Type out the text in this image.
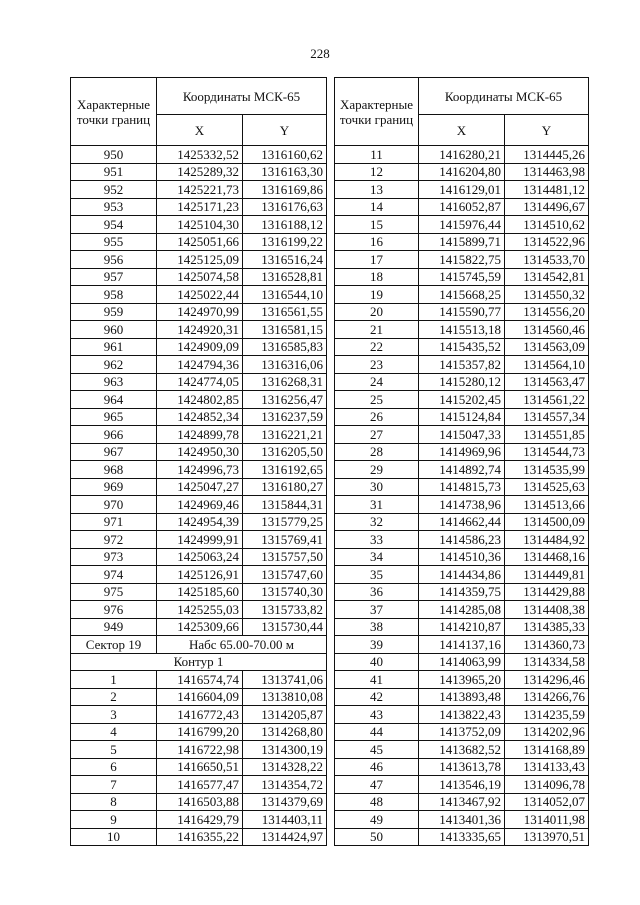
228
Характерные точки границ	Координаты МСК-65	
	X	Y
950	1425332,52	1316160,62
951	1425289,32	1316163,30
952	1425221,73	1316169,86
953	1425171,23	1316176,63
954	1425104,30	1316188,12
955	1425051,66	1316199,22
956	1425125,09	1316516,24
957	1425074,58	1316528,81
958	1425022,44	1316544,10
959	1424970,99	1316561,55
960	1424920,31	1316581,15
961	1424909,09	1316585,83
962	1424794,36	1316316,06
963	1424774,05	1316268,31
964	1424802,85	1316256,47
965	1424852,34	1316237,59
966	1424899,78	1316221,21
967	1424950,30	1316205,50
968	1424996,73	1316192,65
969	1425047,27	1316180,27
970	1424969,46	1315844,31
971	1424954,39	1315779,25
972	1424999,91	1315769,41
973	1425063,24	1315757,50
974	1425126,91	1315747,60
975	1425185,60	1315740,30
976	1425255,03	1315733,82
949	1425309,66	1315730,44
Сектор 19	Набс 65.00-70.00 м	
Контур 1		
1	1416574,74	1313741,06
2	1416604,09	1313810,08
3	1416772,43	1314205,87
4	1416799,20	1314268,80
5	1416722,98	1314300,19
6	1416650,51	1314328,22
7	1416577,47	1314354,72
8	1416503,88	1314379,69
9	1416429,79	1314403,11
10	1416355,22	1314424,97
Характерные точки границ	Координаты МСК-65	
	X	Y
11	1416280,21	1314445,26
12	1416204,80	1314463,98
13	1416129,01	1314481,12
14	1416052,87	1314496,67
15	1415976,44	1314510,62
16	1415899,71	1314522,96
17	1415822,75	1314533,70
18	1415745,59	1314542,81
19	1415668,25	1314550,32
20	1415590,77	1314556,20
21	1415513,18	1314560,46
22	1415435,52	1314563,09
23	1415357,82	1314564,10
24	1415280,12	1314563,47
25	1415202,45	1314561,22
26	1415124,84	1314557,34
27	1415047,33	1314551,85
28	1414969,96	1314544,73
29	1414892,74	1314535,99
30	1414815,73	1314525,63
31	1414738,96	1314513,66
32	1414662,44	1314500,09
33	1414586,23	1314484,92
34	1414510,36	1314468,16
35	1414434,86	1314449,81
36	1414359,75	1314429,88
37	1414285,08	1314408,38
38	1414210,87	1314385,33
39	1414137,16	1314360,73
40	1414063,99	1314334,58
41	1413965,20	1314296,46
42	1413893,48	1314266,76
43	1413822,43	1314235,59
44	1413752,09	1314202,96
45	1413682,52	1314168,89
46	1413613,78	1314133,43
47	1413546,19	1314096,78
48	1413467,92	1314052,07
49	1413401,36	1314011,98
50	1413335,65	1313970,51
